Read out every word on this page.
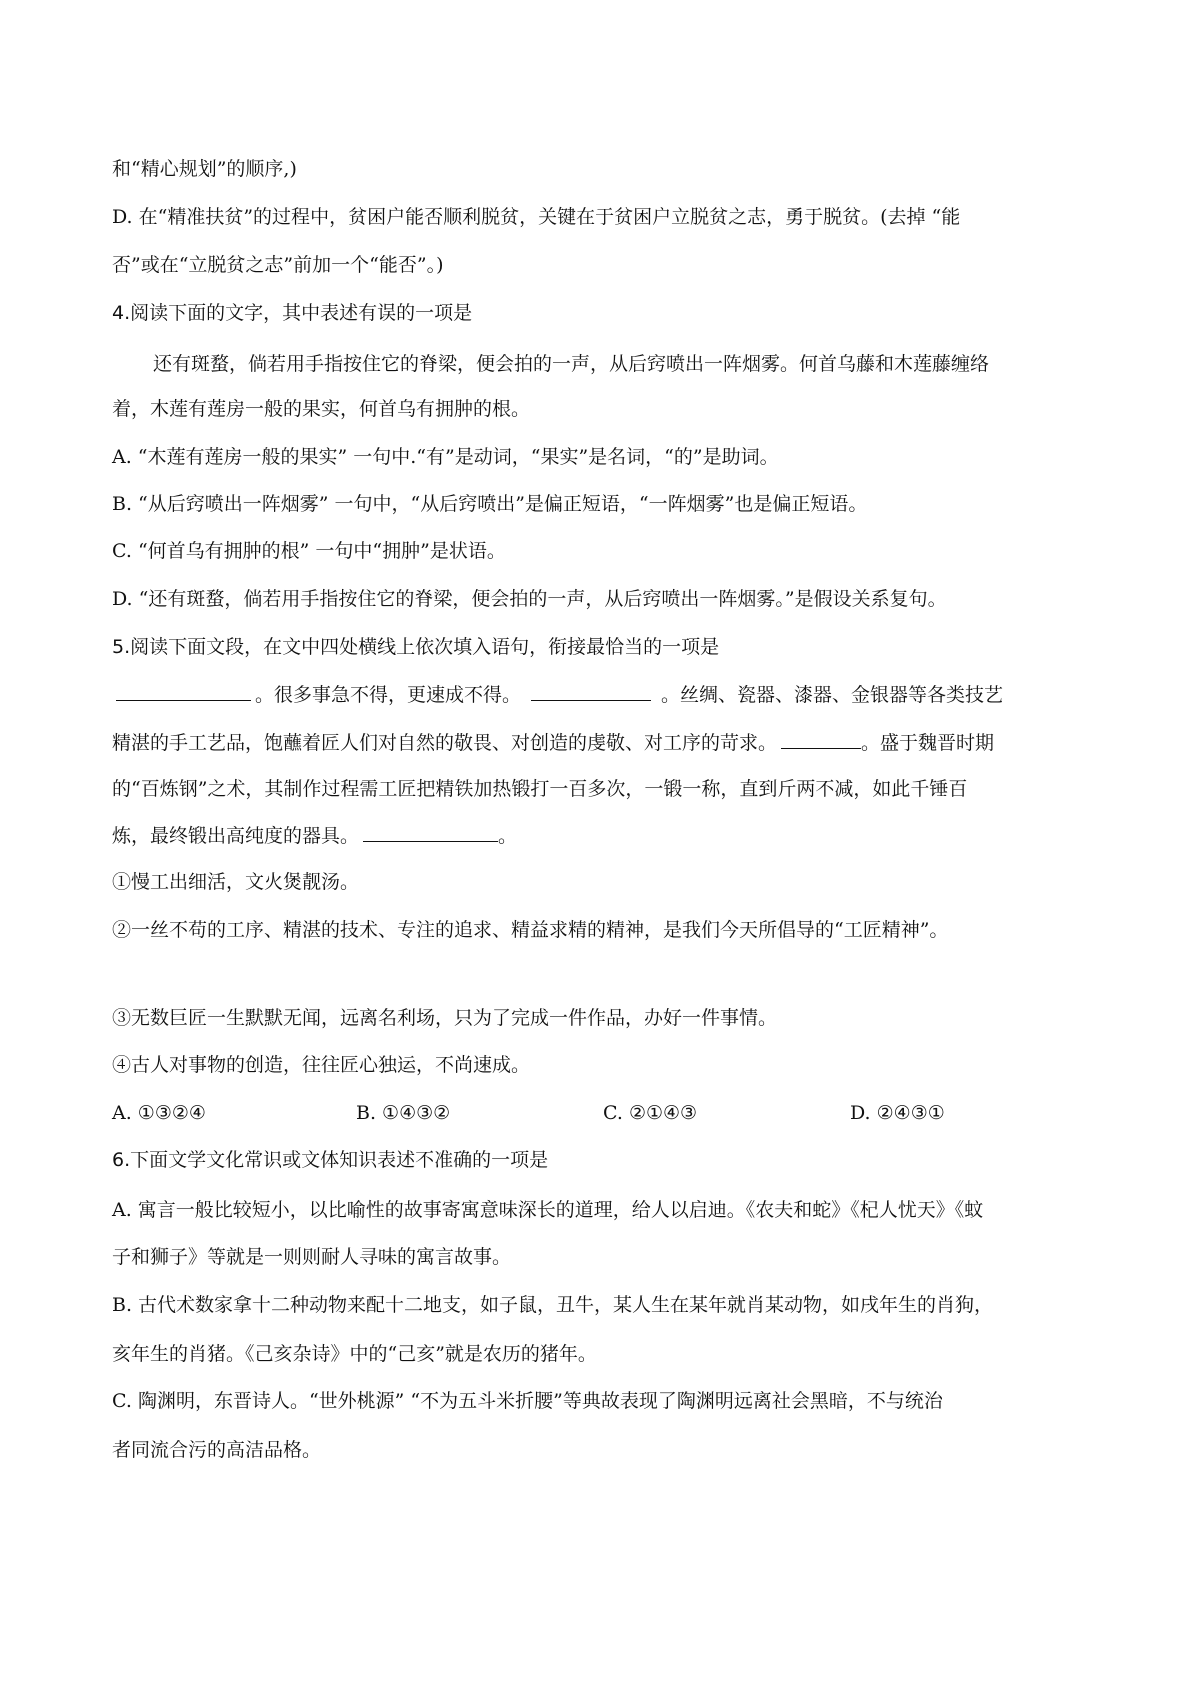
和“精心规划”的顺序,)
D. 在“精准扶贫”的过程中，贫困户能否顺利脱贫，关键在于贫困户立脱贫之志，勇于脱贫。(去掉 “能
否”或在“立脱贫之志”前加一个“能否”。)
4.阅读下面的文字，其中表述有误的一项是
还有斑蝥，倘若用手指按住它的脊梁，便会拍的一声，从后窍喷出一阵烟雾。何首乌藤和木莲藤缠络
着，木莲有莲房一般的果实，何首乌有拥肿的根。
A. “木莲有莲房一般的果实” 一句中.“有”是动词，“果实”是名词，“的”是助词。
B. “从后窍喷出一阵烟雾” 一句中，“从后窍喷出”是偏正短语，“一阵烟雾”也是偏正短语。
C. “何首乌有拥肿的根” 一句中“拥肿”是状语。
D. “还有斑蝥，倘若用手指按住它的脊梁，便会拍的一声，从后窍喷出一阵烟雾。”是假设关系复句。
5.阅读下面文段，在文中四处横线上依次填入语句，衔接最恰当的一项是
。很多事急不得，更速成不得。	。丝绸、瓷器、漆器、金银器等各类技艺
精湛的手工艺品，饱蘸着匠人们对自然的敬畏、对创造的虔敬、对工序的苛求。	。盛于魏晋时期
的“百炼钢”之术，其制作过程需工匠把精铁加热锻打一百多次，一锻一称，直到斤两不减，如此千锤百
炼，最终锻出高纯度的器具。	。
①慢工出细活，文火煲靓汤。
②一丝不苟的工序、精湛的技术、专注的追求、精益求精的精神，是我们今天所倡导的“工匠精神”。
③无数巨匠一生默默无闻，远离名利场，只为了完成一件作品，办好一件事情。
④古人对事物的创造，往往匠心独运，不尚速成。
A. ①③②④	B. ①④③②	C. ②①④③	D. ②④③①
6.下面文学文化常识或文体知识表述不准确的一项是
A. 寓言一般比较短小，以比喻性的故事寄寓意味深长的道理，给人以启迪。《农夫和蛇》《杞人忧天》《蚊
子和狮子》等就是一则则耐人寻味的寓言故事。
B. 古代术数家拿十二种动物来配十二地支，如子鼠，丑牛，某人生在某年就肖某动物，如戌年生的肖狗，
亥年生的肖猪。《己亥杂诗》中的“己亥”就是农历的猪年。
C. 陶渊明，东晋诗人。“世外桃源” “不为五斗米折腰”等典故表现了陶渊明远离社会黑暗，不与统治
者同流合污的高洁品格。
